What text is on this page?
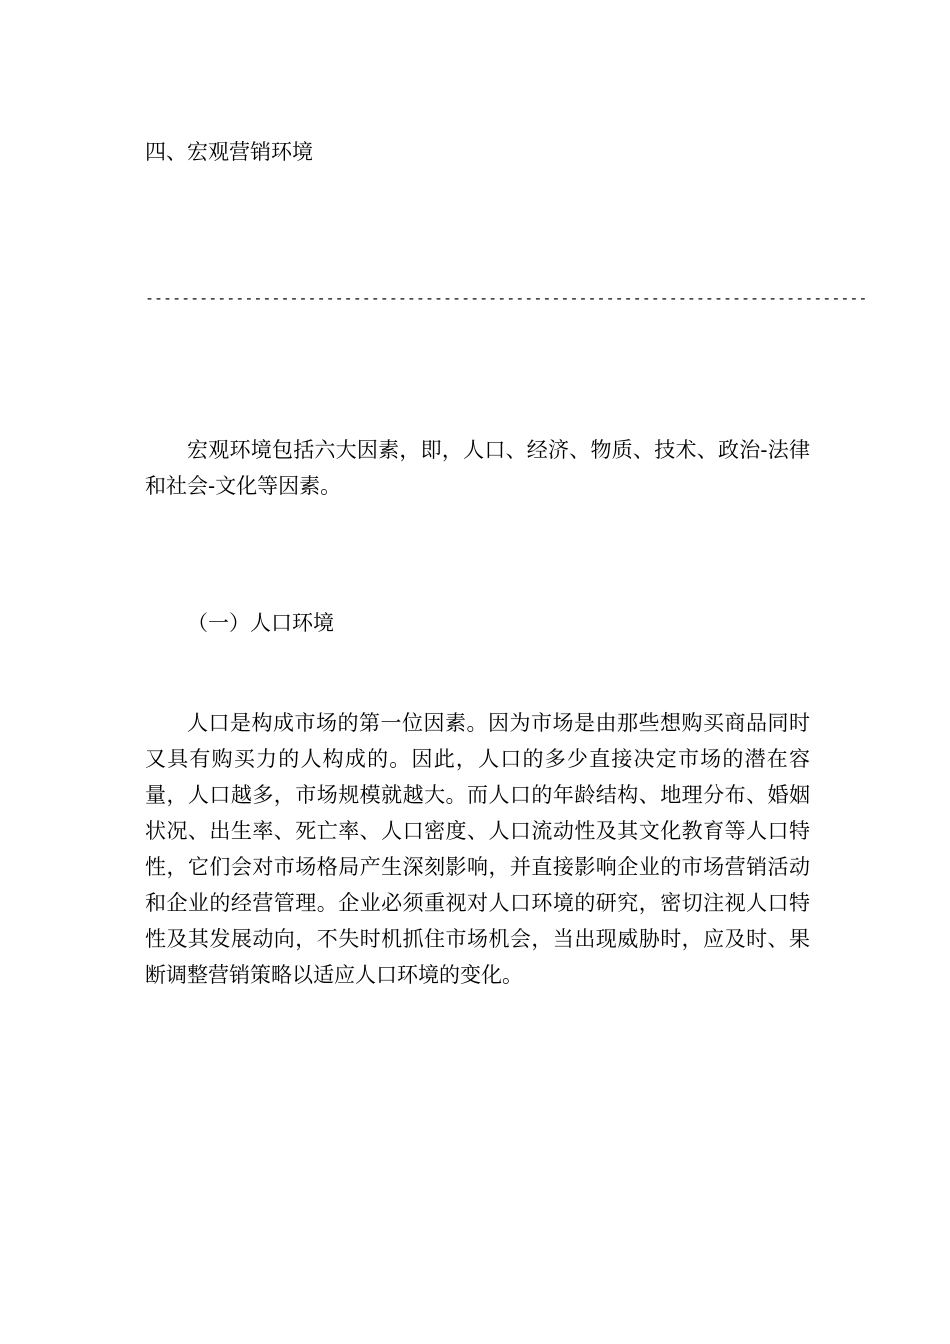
四、宏观营销环境
--------------------------------------------------------------------------------
宏观环境包括六大因素，即，人口、经济、物质、技术、政治-法律和社会-文化等因素。
（一）人口环境
人口是构成市场的第一位因素。因为市场是由那些想购买商品同时又具有购买力的人构成的。因此，人口的多少直接决定市场的潜在容量，人口越多，市场规模就越大。而人口的年龄结构、地理分布、婚姻状况、出生率、死亡率、人口密度、人口流动性及其文化教育等人口特性，它们会对市场格局产生深刻影响，并直接影响企业的市场营销活动和企业的经营管理。企业必须重视对人口环境的研究，密切注视人口特性及其发展动向，不失时机抓住市场机会，当出现威胁时，应及时、果断调整营销策略以适应人口环境的变化。
